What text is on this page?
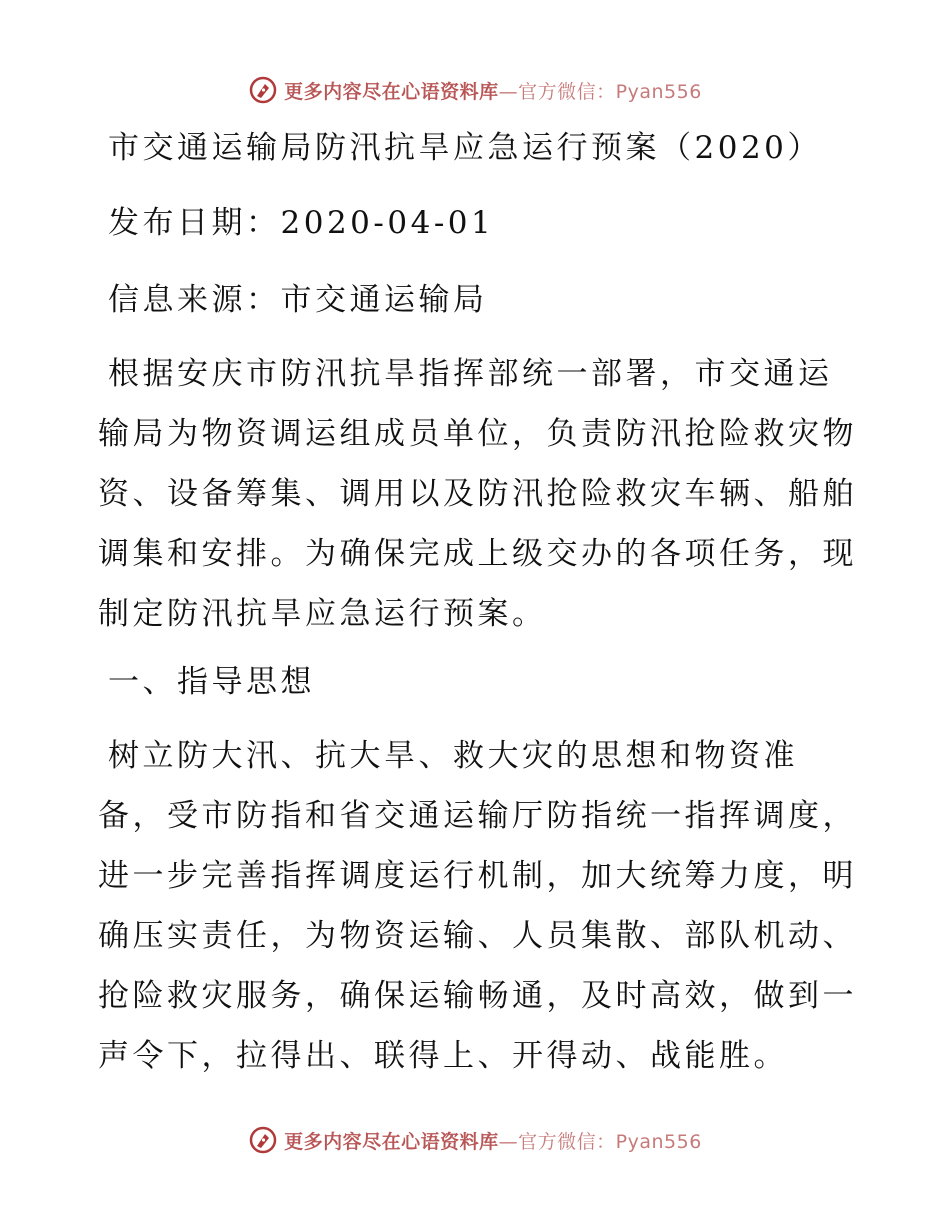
更多内容尽在心语资料库—官方微信：Pyan556
市交通运输局防汛抗旱应急运行预案（2020）
发布日期：2020-04-01
信息来源：市交通运输局
根据安庆市防汛抗旱指挥部统一部署，市交通运
输局为物资调运组成员单位，负责防汛抢险救灾物
资、设备筹集、调用以及防汛抢险救灾车辆、船舶
调集和安排。为确保完成上级交办的各项任务，现
制定防汛抗旱应急运行预案。
一、指导思想
树立防大汛、抗大旱、救大灾的思想和物资准
备，受市防指和省交通运输厅防指统一指挥调度，
进一步完善指挥调度运行机制，加大统筹力度，明
确压实责任，为物资运输、人员集散、部队机动、
抢险救灾服务，确保运输畅通，及时高效，做到一
声令下，拉得出、联得上、开得动、战能胜。
更多内容尽在心语资料库—官方微信：Pyan556
